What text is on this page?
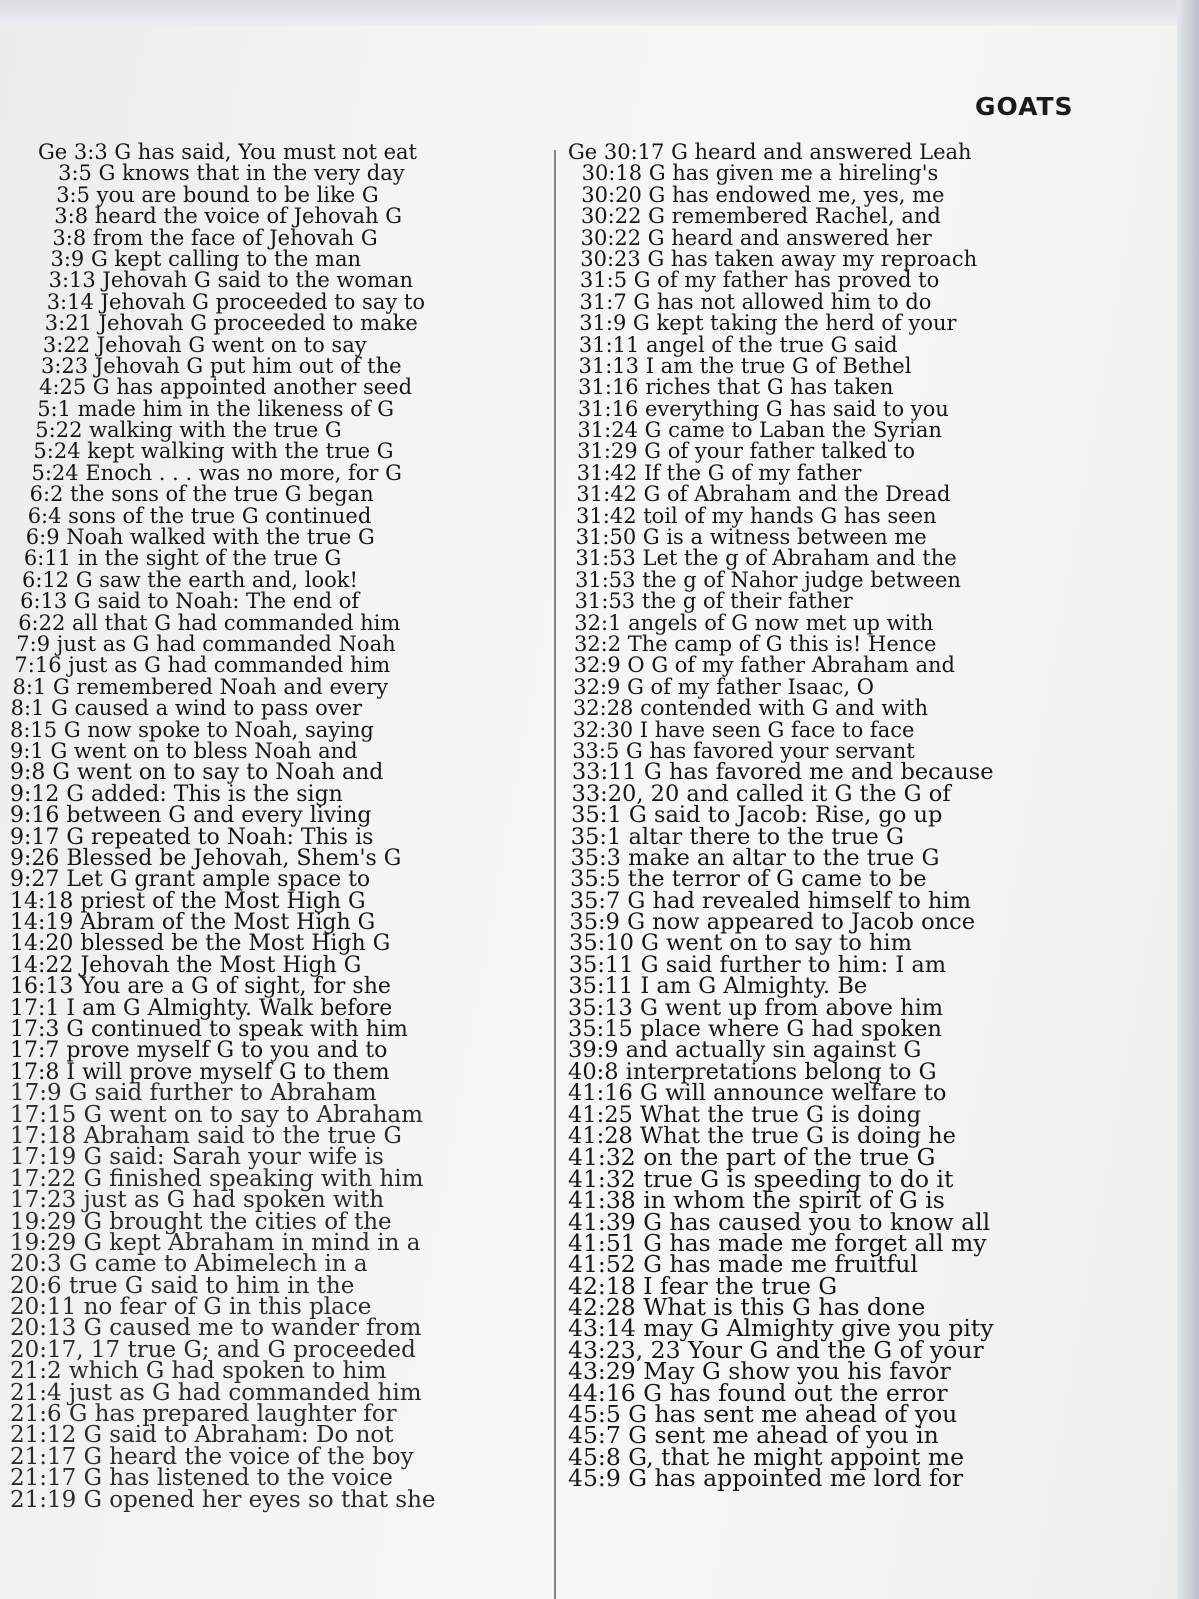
GOATS
Ge 3:3 G has said, You must not eat
3:5 G knows that in the very day
3:5 you are bound to be like G
3:8 heard the voice of Jehovah G
3:8 from the face of Jehovah G
3:9 G kept calling to the man
3:13 Jehovah G said to the woman
3:14 Jehovah G proceeded to say to
3:21 Jehovah G proceeded to make
3:22 Jehovah G went on to say
3:23 Jehovah G put him out of the
4:25 G has appointed another seed
5:1 made him in the likeness of G
5:22 walking with the true G
5:24 kept walking with the true G
5:24 Enoch . . . was no more, for G
6:2 the sons of the true G began
6:4 sons of the true G continued
6:9 Noah walked with the true G
6:11 in the sight of the true G
6:12 G saw the earth and, look!
6:13 G said to Noah: The end of
6:22 all that G had commanded him
7:9 just as G had commanded Noah
7:16 just as G had commanded him
8:1 G remembered Noah and every
8:1 G caused a wind to pass over
8:15 G now spoke to Noah, saying
9:1 G went on to bless Noah and
9:8 G went on to say to Noah and
9:12 G added: This is the sign
9:16 between G and every living
9:17 G repeated to Noah: This is
9:26 Blessed be Jehovah, Shem's G
9:27 Let G grant ample space to
14:18 priest of the Most High G
14:19 Abram of the Most High G
14:20 blessed be the Most High G
14:22 Jehovah the Most High G
16:13 You are a G of sight, for she
17:1 I am G Almighty. Walk before
17:3 G continued to speak with him
17:7 prove myself G to you and to
17:8 I will prove myself G to them
17:9 G said further to Abraham
17:15 G went on to say to Abraham
17:18 Abraham said to the true G
17:19 G said: Sarah your wife is
17:22 G finished speaking with him
17:23 just as G had spoken with
19:29 G brought the cities of the
19:29 G kept Abraham in mind in a
20:3 G came to Abimelech in a
20:6 true G said to him in the
20:11 no fear of G in this place
20:13 G caused me to wander from
20:17, 17 true G; and G proceeded
21:2 which G had spoken to him
21:4 just as G had commanded him
21:6 G has prepared laughter for
21:12 G said to Abraham: Do not
21:17 G heard the voice of the boy
21:17 G has listened to the voice
21:19 G opened her eyes so that she
Ge 30:17 G heard and answered Leah
30:18 G has given me a hireling's
30:20 G has endowed me, yes, me
30:22 G remembered Rachel, and
30:22 G heard and answered her
30:23 G has taken away my reproach
31:5 G of my father has proved to
31:7 G has not allowed him to do
31:9 G kept taking the herd of your
31:11 angel of the true G said
31:13 I am the true G of Bethel
31:16 riches that G has taken
31:16 everything G has said to you
31:24 G came to Laban the Syrian
31:29 G of your father talked to
31:42 If the G of my father
31:42 G of Abraham and the Dread
31:42 toil of my hands G has seen
31:50 G is a witness between me
31:53 Let the g of Abraham and the
31:53 the g of Nahor judge between
31:53 the g of their father
32:1 angels of G now met up with
32:2 The camp of G this is! Hence
32:9 O G of my father Abraham and
32:9 G of my father Isaac, O
32:28 contended with G and with
32:30 I have seen G face to face
33:5 G has favored your servant
33:11 G has favored me and because
33:20, 20 and called it G the G of
35:1 G said to Jacob: Rise, go up
35:1 altar there to the true G
35:3 make an altar to the true G
35:5 the terror of G came to be
35:7 G had revealed himself to him
35:9 G now appeared to Jacob once
35:10 G went on to say to him
35:11 G said further to him: I am
35:11 I am G Almighty. Be
35:13 G went up from above him
35:15 place where G had spoken
39:9 and actually sin against G
40:8 interpretations belong to G
41:16 G will announce welfare to
41:25 What the true G is doing
41:28 What the true G is doing he
41:32 on the part of the true G
41:32 true G is speeding to do it
41:38 in whom the spirit of G is
41:39 G has caused you to know all
41:51 G has made me forget all my
41:52 G has made me fruitful
42:18 I fear the true G
42:28 What is this G has done
43:14 may G Almighty give you pity
43:23, 23 Your G and the G of your
43:29 May G show you his favor
44:16 G has found out the error
45:5 G has sent me ahead of you
45:7 G sent me ahead of you in
45:8 G, that he might appoint me
45:9 G has appointed me lord for
